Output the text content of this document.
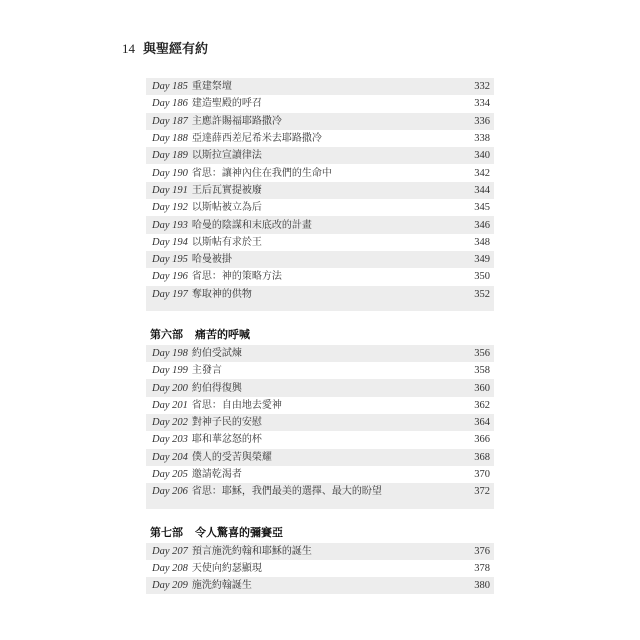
14 與聖經有約
Day 185 重建祭壇	332
Day 186 建造聖殿的呼召	334
Day 187 主應許賜福耶路撒冷	336
Day 188 亞達薛西差尼希米去耶路撒冷	338
Day 189 以斯拉宣讀律法	340
Day 190 省思：讓神內住在我們的生命中	342
Day 191 王后瓦實提被廢	344
Day 192 以斯帖被立為后	345
Day 193 哈曼的陰謀和末底改的計畫	346
Day 194 以斯帖有求於王	348
Day 195 哈曼被掛	349
Day 196 省思：神的策略方法	350
Day 197 奪取神的供物	352
第六部 痛苦的呼喊
Day 198 約伯受試煉	356
Day 199 主發言	358
Day 200 約伯得復興	360
Day 201 省思：自由地去愛神	362
Day 202 對神子民的安慰	364
Day 203 耶和華忿怒的杯	366
Day 204 僕人的受苦與榮耀	368
Day 205 邀請乾渴者	370
Day 206 省思：耶穌，我們最美的選擇、最大的盼望	372
第七部 令人驚喜的彌賽亞
Day 207 預言施洗約翰和耶穌的誕生	376
Day 208 天使向約瑟顯現	378
Day 209 施洗約翰誕生	380
